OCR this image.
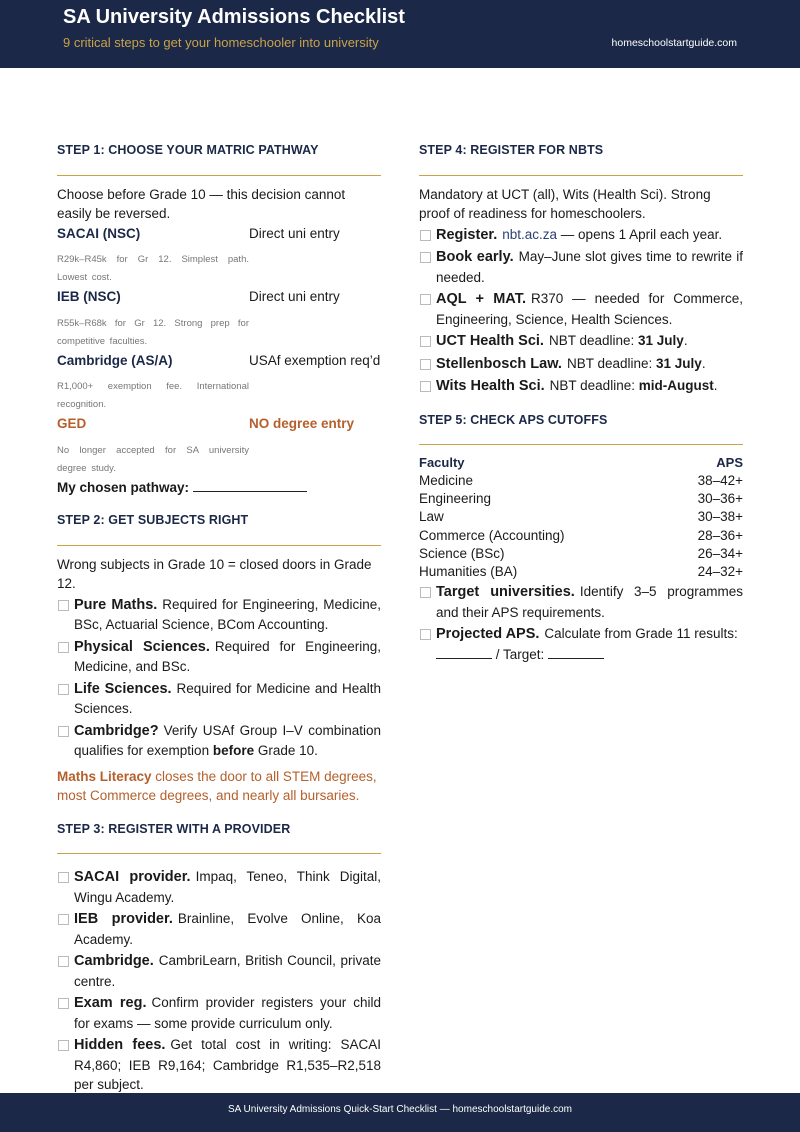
SA University Admissions Checklist
9 critical steps to get your homeschooler into university	homeschoolstartguide.com
STEP 1: CHOOSE YOUR MATRIC PATHWAY
Choose before Grade 10 — this decision cannot easily be reversed.
SACAI (NSC)	Direct uni entry
R29k–R45k for Gr 12. Simplest path. Lowest cost.
IEB (NSC)	Direct uni entry
R55k–R68k for Gr 12. Strong prep for competitive faculties.
Cambridge (AS/A)	USAf exemption req’d
R1,000+ exemption fee. International recognition.
GED	NO degree entry
No longer accepted for SA university degree study.
My chosen pathway:
STEP 2: GET SUBJECTS RIGHT
Wrong subjects in Grade 10 = closed doors in Grade 12.
Pure Maths. Required for Engineering, Medicine, BSc, Actuarial Science, BCom Accounting.
Physical Sciences. Required for Engineering, Medicine, and BSc.
Life Sciences. Required for Medicine and Health Sciences.
Cambridge? Verify USAf Group I–V combination qualifies for exemption before Grade 10.
Maths Literacy closes the door to all STEM degrees, most Commerce degrees, and nearly all bursaries.
STEP 3: REGISTER WITH A PROVIDER
SACAI provider. Impaq, Teneo, Think Digital, Wingu Academy.
IEB provider. Brainline, Evolve Online, Koa Academy.
Cambridge. CambriLearn, British Council, private centre.
Exam reg. Confirm provider registers your child for exams — some provide curriculum only.
Hidden fees. Get total cost in writing: SACAI R4,860; IEB R9,164; Cambridge R1,535–R2,518 per subject.
STEP 4: REGISTER FOR NBTS
Mandatory at UCT (all), Wits (Health Sci). Strong proof of readiness for homeschoolers.
Register. nbt.ac.za — opens 1 April each year.
Book early. May–June slot gives time to rewrite if needed.
AQL + MAT. R370 — needed for Commerce, Engineering, Science, Health Sciences.
UCT Health Sci. NBT deadline: 31 July.
Stellenbosch Law. NBT deadline: 31 July.
Wits Health Sci. NBT deadline: mid-August.
STEP 5: CHECK APS CUTOFFS
Faculty	APS
Medicine	38–42+
Engineering	30–36+
Law	30–38+
Commerce (Accounting)	28–36+
Science (BSc)	26–34+
Humanities (BA)	24–32+
Target universities. Identify 3–5 programmes and their APS requirements.
Projected APS. Calculate from Grade 11 results:
/ Target:
SA University Admissions Quick-Start Checklist — homeschoolstartguide.com
